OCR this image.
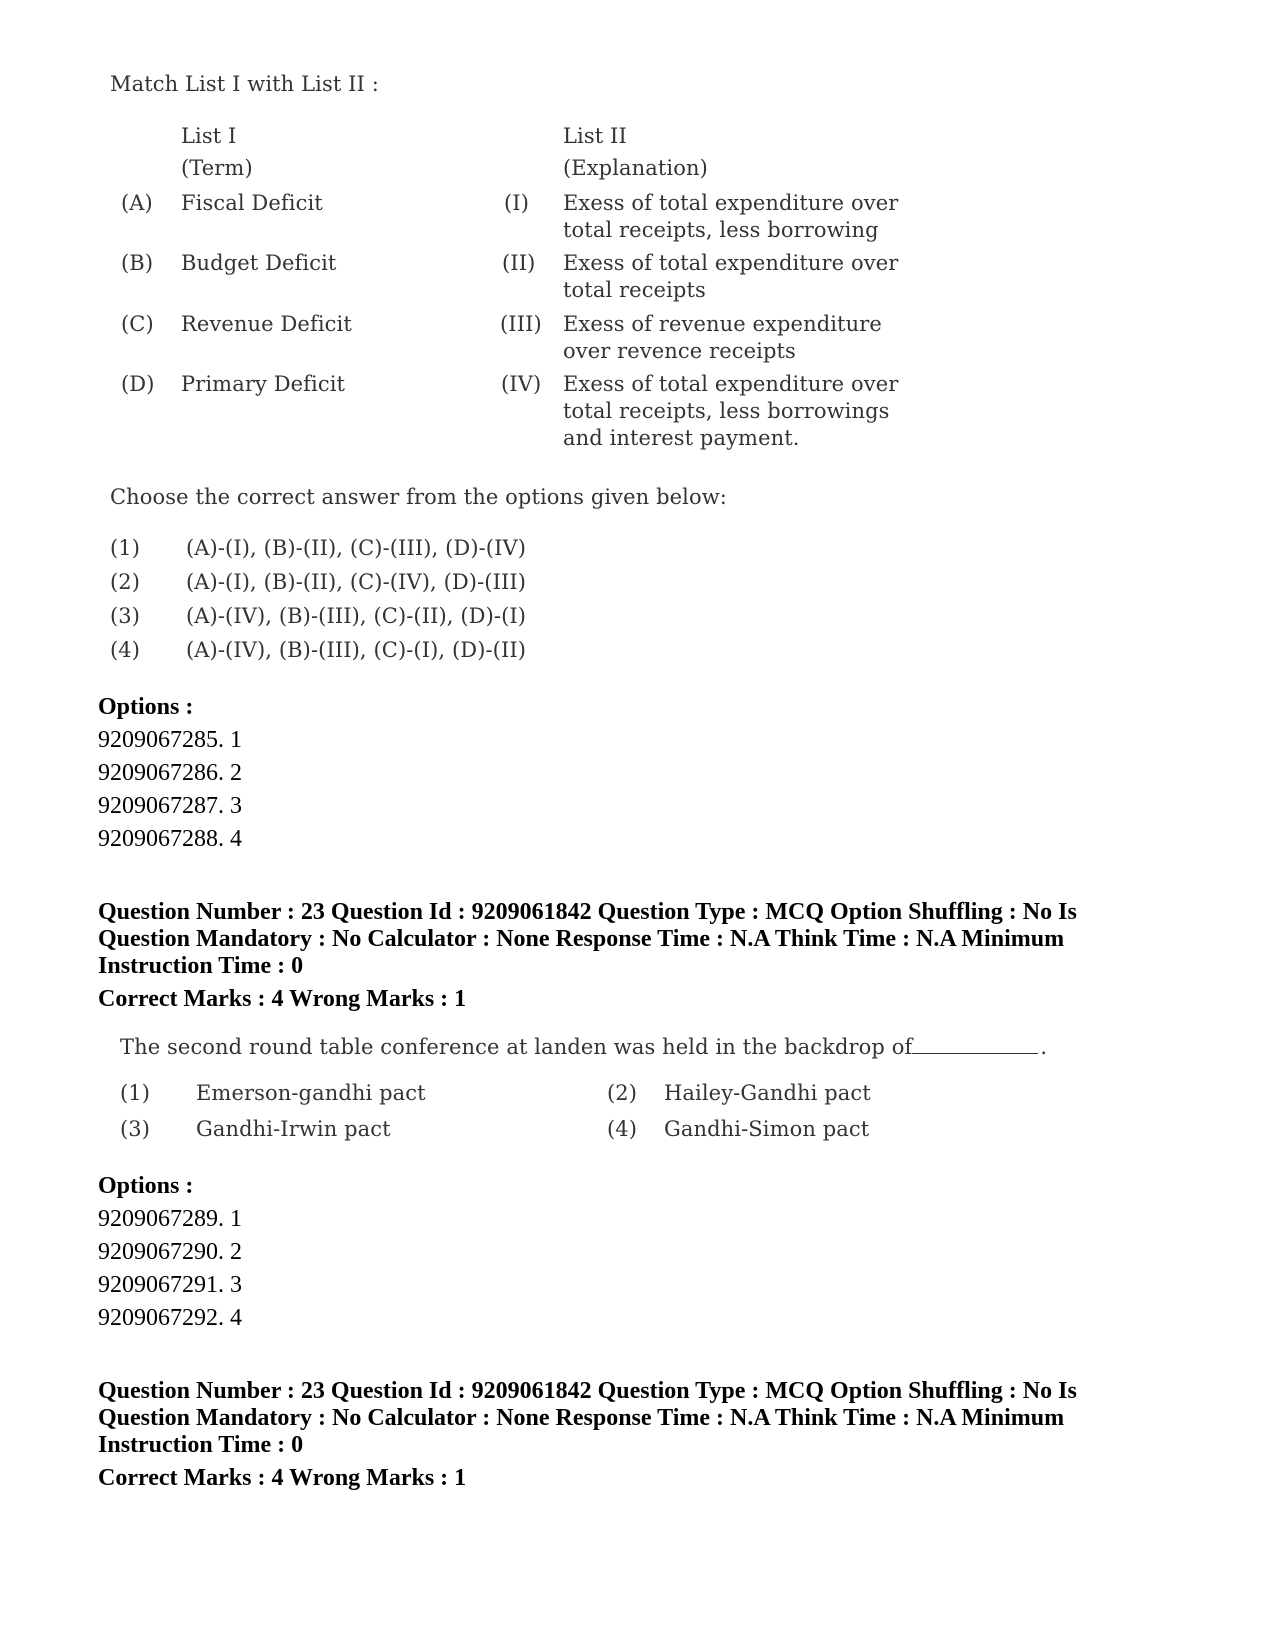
Match List I with List II :
List I
(Term)
List II
(Explanation)
(A) Fiscal Deficit	(I) Exess of total expenditure over
total receipts, less borrowing
(B) Budget Deficit	(II) Exess of total expenditure over
total receipts
(C) Revenue Deficit	(III) Exess of revenue expenditure
over revence receipts
(D) Primary Deficit	(IV) Exess of total expenditure over
total receipts, less borrowings
and interest payment.
Choose the correct answer from the options given below:
(1) (A)-(I), (B)-(II), (C)-(III), (D)-(IV)
(2) (A)-(I), (B)-(II), (C)-(IV), (D)-(III)
(3) (A)-(IV), (B)-(III), (C)-(II), (D)-(I)
(4) (A)-(IV), (B)-(III), (C)-(I), (D)-(II)
Options :
9209067285. 1
9209067286. 2
9209067287. 3
9209067288. 4
Question Number : 23 Question Id : 9209061842 Question Type : MCQ Option Shuffling : No Is
Question Mandatory : No Calculator : None Response Time : N.A Think Time : N.A Minimum
Instruction Time : 0
Correct Marks : 4 Wrong Marks : 1
The second round table conference at landen was held in the backdrop of	.
(1) Emerson-gandhi pact	(2) Hailey-Gandhi pact
(3) Gandhi-Irwin pact	(4) Gandhi-Simon pact
Options :
9209067289. 1
9209067290. 2
9209067291. 3
9209067292. 4
Question Number : 23 Question Id : 9209061842 Question Type : MCQ Option Shuffling : No Is
Question Mandatory : No Calculator : None Response Time : N.A Think Time : N.A Minimum
Instruction Time : 0
Correct Marks : 4 Wrong Marks : 1
